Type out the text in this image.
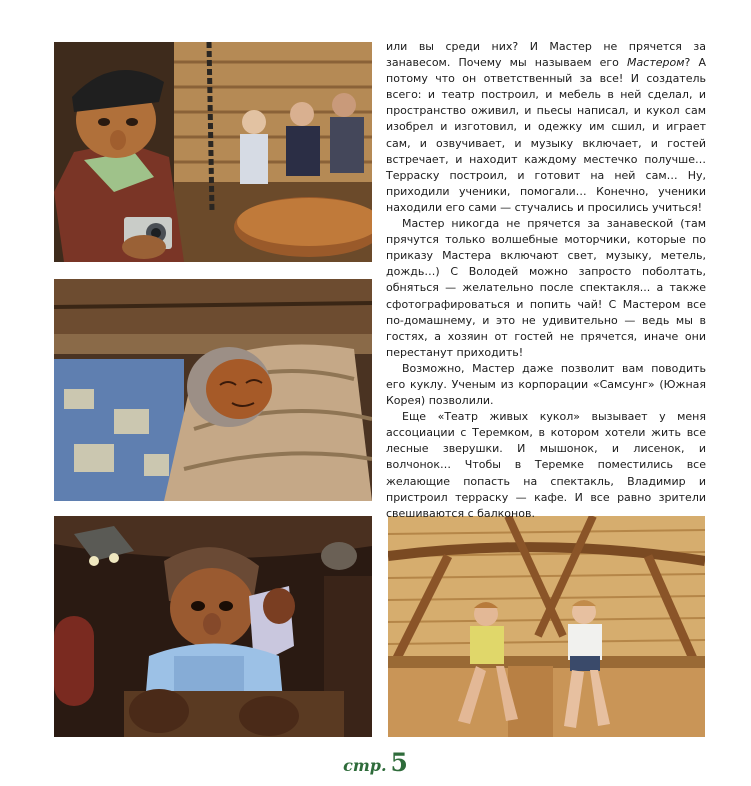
или вы среди них? И Мастер не прячется за занавесом. Почему мы называем его Мастером? А потому что он ответственный за все! И создатель всего: и театр построил, и мебель в ней сделал, и пространство оживил, и пьесы написал, и кукол сам изобрел и изготовил, и одежку им сшил, и играет сам, и озвучивает, и музыку включает, и гостей встречает, и находит каждому местечко получше… Терраску построил, и готовит на ней сам… Ну, приходили ученики, помогали… Конечно, ученики находили его сами — стучались и просились учиться!

Мастер никогда не прячется за занавеской (там прячутся только волшебные моторчики, которые по приказу Мастера включают свет, музыку, метель, дождь…) С Володей можно запросто поболтать, обняться — желательно после спектакля... а также сфотографироваться и попить чай! С Мастером все по-домашнему, и это не удивительно — ведь мы в гостях, а хозяин от гостей не прячется, иначе они перестанут приходить!

Возможно, Мастер даже позволит вам поводить его куклу. Ученым из корпорации «Самсунг» (Южная Корея) позволили.

Еще «Театр живых кукол» вызывает у меня ассоциации с Теремком, в котором хотели жить все лесные зверушки. И мышонок, и лисенок, и волчонок… Чтобы в Теремке поместились все желающие попасть на спектакль, Владимир и пристроил терраску — кафе. И все равно зрители свешиваются с балконов.

стр. 5
